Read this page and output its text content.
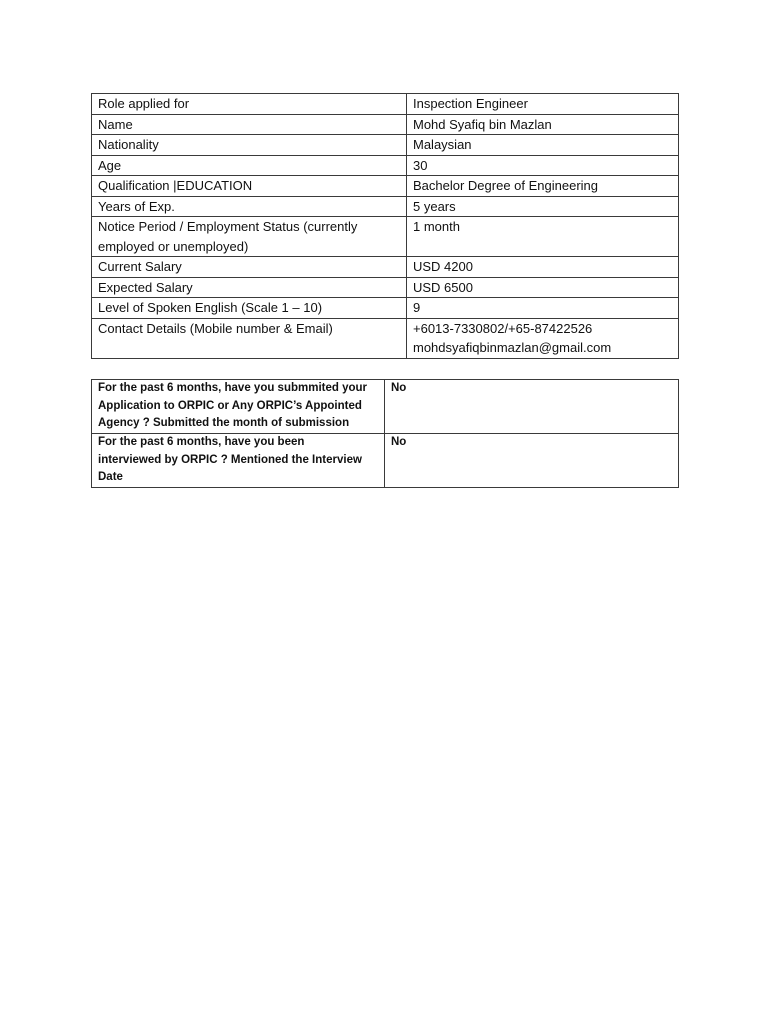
Role applied for	Inspection Engineer
Name	Mohd Syafiq bin Mazlan
Nationality	Malaysian
Age	30
Qualification |EDUCATION	Bachelor Degree of Engineering
Years of Exp.	5 years

Notice Period / Employment Status (currently
employed or unemployed)	1 month
Current Salary	USD 4200
Expected Salary	USD 6500
Level of Spoken English (Scale 1 – 10)	9
Contact Details (Mobile number & Email)	+6013-7330802/+65-87422526
mohdsyafiqbinmazlan@gmail.com
For the past 6 months, have you submmited your
Application to ORPIC or Any ORPIC’s Appointed
Agency ? Submitted the month of submission	No

For the past 6 months, have you been
interviewed by ORPIC ? Mentioned the Interview
Date	No
